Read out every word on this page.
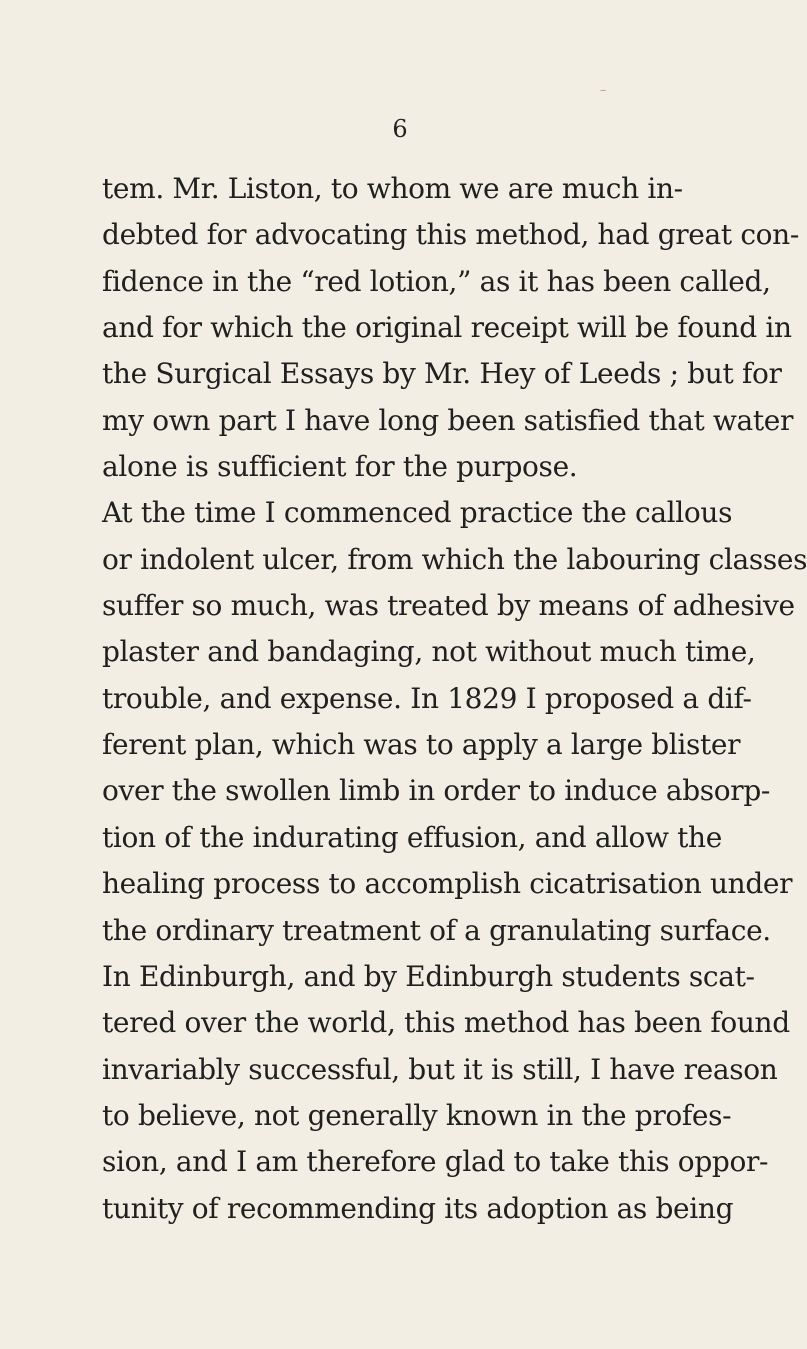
‒
6
tem. Mr. Liston, to whom we are much in-
debted for advocating this method, had great con-
fidence in the “red lotion,” as it has been called,
and for which the original receipt will be found in
the Surgical Essays by Mr. Hey of Leeds ; but for
my own part I have long been satisfied that water
alone is sufficient for the purpose.
At the time I commenced practice the callous
or indolent ulcer, from which the labouring classes
suffer so much, was treated by means of adhesive
plaster and bandaging, not without much time,
trouble, and expense. In 1829 I proposed a dif-
ferent plan, which was to apply a large blister
over the swollen limb in order to induce absorp-
tion of the indurating effusion, and allow the
healing process to accomplish cicatrisation under
the ordinary treatment of a granulating surface.
In Edinburgh, and by Edinburgh students scat-
tered over the world, this method has been found
invariably successful, but it is still, I have reason
to believe, not generally known in the profes-
sion, and I am therefore glad to take this oppor-
tunity of recommending its adoption as being
